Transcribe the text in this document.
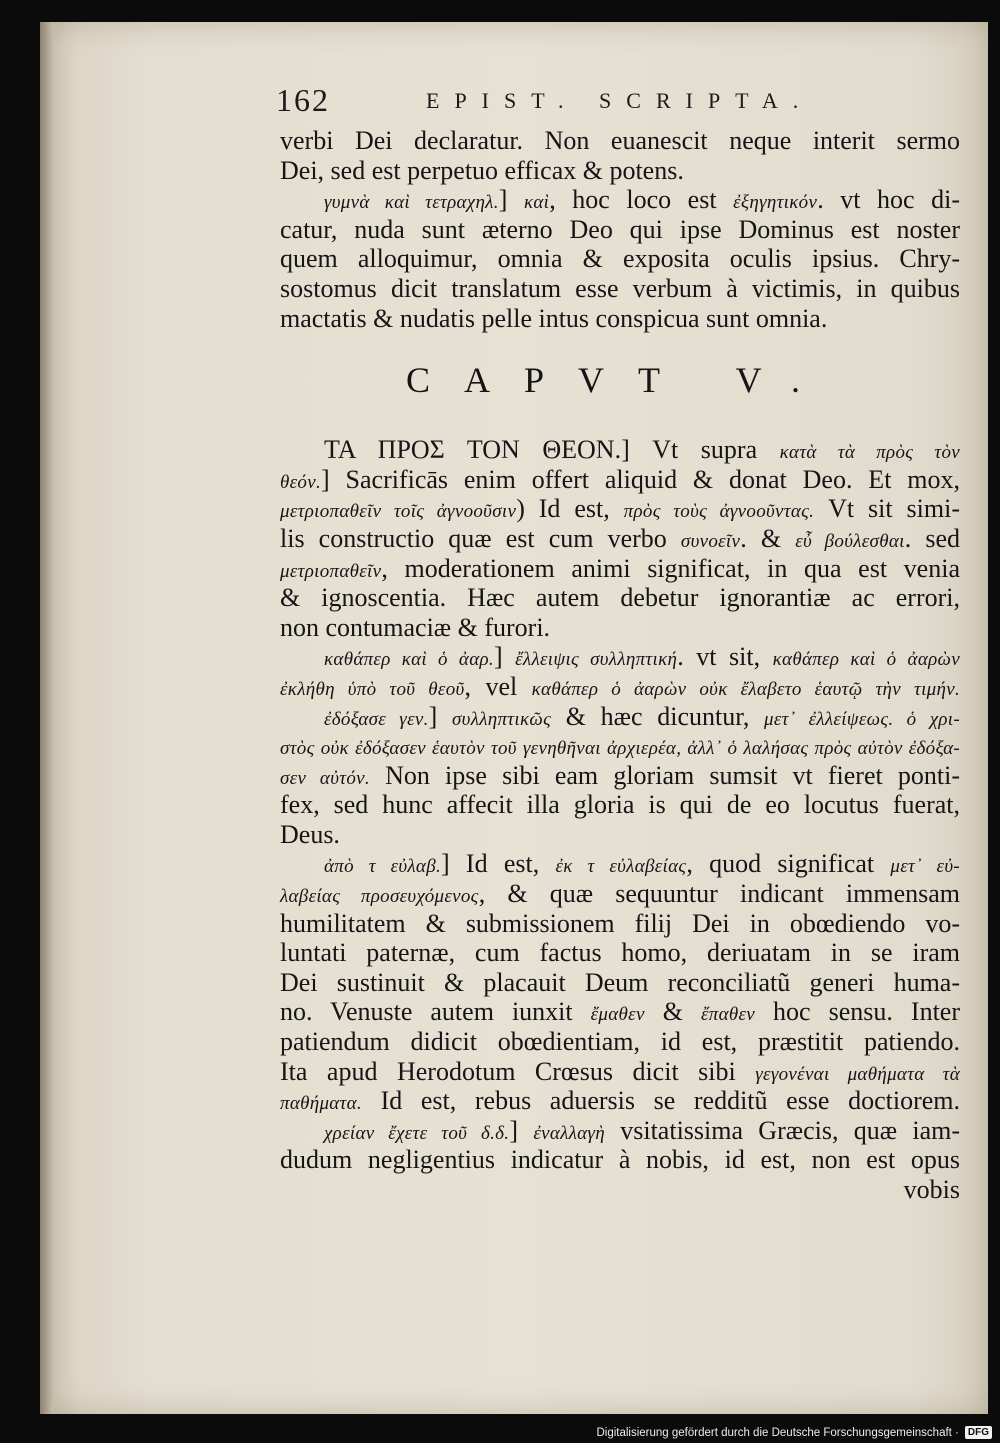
162	EPIST. SCRIPTA.
verbi Dei declaratur. Non euanescit neque interit sermo
Dei, sed est perpetuo efficax & potens.
γυμνὰ καὶ τετραχηλ.] καὶ, hoc loco est ἐξηγητικόν. vt hoc di-
catur, nuda sunt æterno Deo qui ipse Dominus est noster
quem alloquimur, omnia & exposita oculis ipsius. Chry-
sostomus dicit translatum esse verbum à victimis, in quibus
mactatis & nudatis pelle intus conspicua sunt omnia.
CAPVT V.
ΤΑ ΠΡΟΣ ΤΟΝ ΘΕΟΝ.] Vt supra κατὰ τὰ πρὸς τὸν
θεόν.] Sacrificās enim offert aliquid & donat Deo. Et mox,
μετριοπαθεῖν τοῖς ἀγνοοῦσιν) Id est, πρὸς τοὺς ἀγνοοῦντας. Vt sit simi-
lis constructio quæ est cum verbo συνοεῖν. & εὖ βούλεσθαι. sed
μετριοπαθεῖν, moderationem animi significat, in qua est venia
& ignoscentia. Hæc autem debetur ignorantiæ ac errori,
non contumaciæ & furori.
καθάπερ καὶ ὁ ἀαρ.] ἔλλειψις συλληπτική. vt sit, καθάπερ καὶ ὁ ἀαρὼν
ἐκλήθη ὑπὸ τοῦ θεοῦ, vel καθάπερ ὁ ἀαρὼν οὐκ ἔλαβετο ἑαυτῷ τὴν τιμήν.
ἐδόξασε γεν.] συλληπτικῶς & hæc dicuntur, μετ᾽ ἐλλείψεως. ὁ χρι-
στὸς οὐκ ἐδόξασεν ἑαυτὸν τοῦ γενηθῆναι ἀρχιερέα, ἀλλ᾽ ὁ λαλήσας πρὸς αὐτὸν ἐδόξα-
σεν αὐτόν. Non ipse sibi eam gloriam sumsit vt fieret ponti-
fex, sed hunc affecit illa gloria is qui de eo locutus fuerat,
Deus.
ἀπὸ τ εὐλαβ.] Id est, ἐκ τ εὐλαβείας, quod significat μετ᾽ εὐ-
λαβείας προσευχόμενος, & quæ sequuntur indicant immensam
humilitatem & submissionem filij Dei in obœdiendo vo-
luntati paternæ, cum factus homo, deriuatam in se iram
Dei sustinuit & placauit Deum reconciliatũ generi huma-
no. Venuste autem iunxit ἔμαθεν & ἔπαθεν hoc sensu. Inter
patiendum didicit obœdientiam, id est, præstitit patiendo.
Ita apud Herodotum Crœsus dicit sibi γεγονέναι μαθήματα τὰ
παθήματα. Id est, rebus aduersis se redditũ esse doctiorem.
χρείαν ἔχετε τοῦ δ.δ.] ἐναλλαγὴ vsitatissima Græcis, quæ iam-
dudum negligentius indicatur à nobis, id est, non est opus
vobis
Digitalisierung gefördert durch die Deutsche Forschungsgemeinschaft · DFG
